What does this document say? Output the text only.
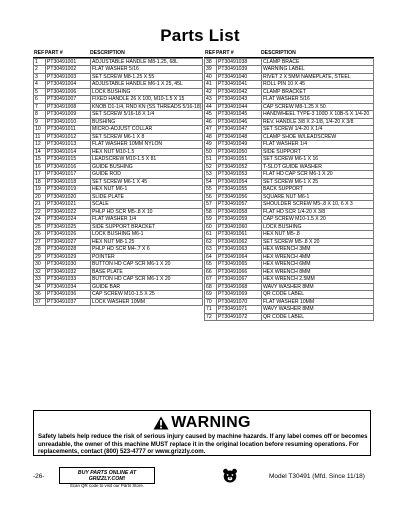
Parts List
REF PART #	DESCRIPTION
1	PT30491001	ADJUSTABLE HANDLE M8-1.25, 68L
2	PT30491002	FLAT WASHER 5/16
3	PT30491003	SET SCREW M8-1.25 X 55
4	PT30491004	ADJUSTABLE HANDLE M6-1 X 25, 45L
5	PT30491006	LOCK BUSHING
6	PT30491007	FIXED HANDLE 26 X 100, M10-1.5 X 15
7	PT30491008	KNOB D1-1/4, RND KN (SS THREADS 5/16-18)
8	PT30491009	SET SCREW 5/16-18 X 1/4
9	PT30491010	BUSHING
10	PT30491011	MICRO-ADJUST COLLAR
11	PT30491012	SET SCREW M6-1 X 8
12	PT30491013	FLAT WASHER 10MM NYLON
14	PT30491014	HEX NUT M10-1.5
15	PT30491015	LEADSCREW M10-1.5 X 81
16	PT30491016	GUIDE BUSHING
17	PT30491017	GUIDE ROD
18	PT30491018	SET SCREW M6-1 X 45
19	PT30491019	HEX NUT M6-1
20	PT30491020	SLIDE PLATE
21	PT30491021	SCALE
22	PT30491022	PHLP HD SCR M5-.8 X 10
24	PT30491024	FLAT WASHER 1/4
25	PT30491025	SIDE SUPPORT BRACKET
26	PT30491026	LOCK BUSHING M6-1
27	PT30491027	HEX NUT M8-1.25
28	PT30491028	PHLP HD SCR M4-.7 X 6
29	PT30491029	POINTER
30	PT30491030	BUTTON HD CAP SCR M6-1 X 20
32	PT30491032	BASE PLATE
33	PT30491033	BUTTON HD CAP SCR M6-1 X 20
34	PT30491034	GUIDE BAR
36	PT30491036	CAP SCREW M10-1.5 X 25
37	PT30491037	LOCK WASHER 10MM
REF PART #	DESCRIPTION
38	PT30491038	CLAMP BRACE
39	PT30491039	WARNING LABEL
40	PT30491040	RIVET 2 X 5MM NAMEPLATE, STEEL
41	PT30491041	ROLL PIN 10 X 45
42	PT30491042	CLAMP BRACKET
43	PT30491043	FLAT WASHER 5/16
44	PT30491044	CAP SCREW M8-1.25 X 50
45	PT30491045	HANDWHEEL TYPE-3 100D X 10B-S X 1/4-20
46	PT30491046	REV. HANDLE 3/8 X 2-1/8, 1/4-20 X 3/8
47	PT30491047	SET SCREW 1/4-20 X 1/4
48	PT30491048	CLAMP SHOE W/LEADSCREW
49	PT30491049	FLAT WASHER 1/4
50	PT30491050	SIDE SUPPORT
51	PT30491051	SET SCREW M6-1 X 16
52	PT30491052	T-SLOT GUIDE WASHER
53	PT30491053	FLAT HD CAP SCR M6-1 X 20
54	PT30491054	SET SCREW M6-1 X 25
55	PT30491055	BACK SUPPORT
56	PT30491056	SQUARE NUT M6-1
57	PT30491057	SHOULDER SCREW M5-.8 X 10, 6 X 3
58	PT30491058	FLAT HD SCR 1/4-20 X 3/8
59	PT30491059	CAP SCREW M10-1.5 X 20
60	PT30491060	LOCK BUSHING
61	PT30491061	HEX NUT M5-.8
62	PT30491062	SET SCREW M5-.8 X 20
63	PT30491063	HEX WRENCH 3MM
64	PT30491064	HEX WRENCH 4MM
65	PT30491065	HEX WRENCH 6MM
66	PT30491066	HEX WRENCH 8MM
67	PT30491067	HEX WRENCH 2.5MM
68	PT30491068	WAVY WASHER 8MM
69	PT30491069	QR CODE LABEL
70	PT30491070	FLAT WASHER 10MM
71	PT30491071	WAVY WASHER 8MM
72	PT30491072	QR CODE LABEL
WARNING
Safety labels help reduce the risk of serious injury caused by machine hazards. If any label comes off or becomes unreadable, the owner of this machine MUST replace it in the original location before resuming operations. For replacements, contact (800) 523-4777 or www.grizzly.com.
-26-	BUY PARTS ONLINE AT GRIZZLY.COM!
Scan QR code to visit our Parts Store.
Model T30491 (Mfd. Since 11/18)
